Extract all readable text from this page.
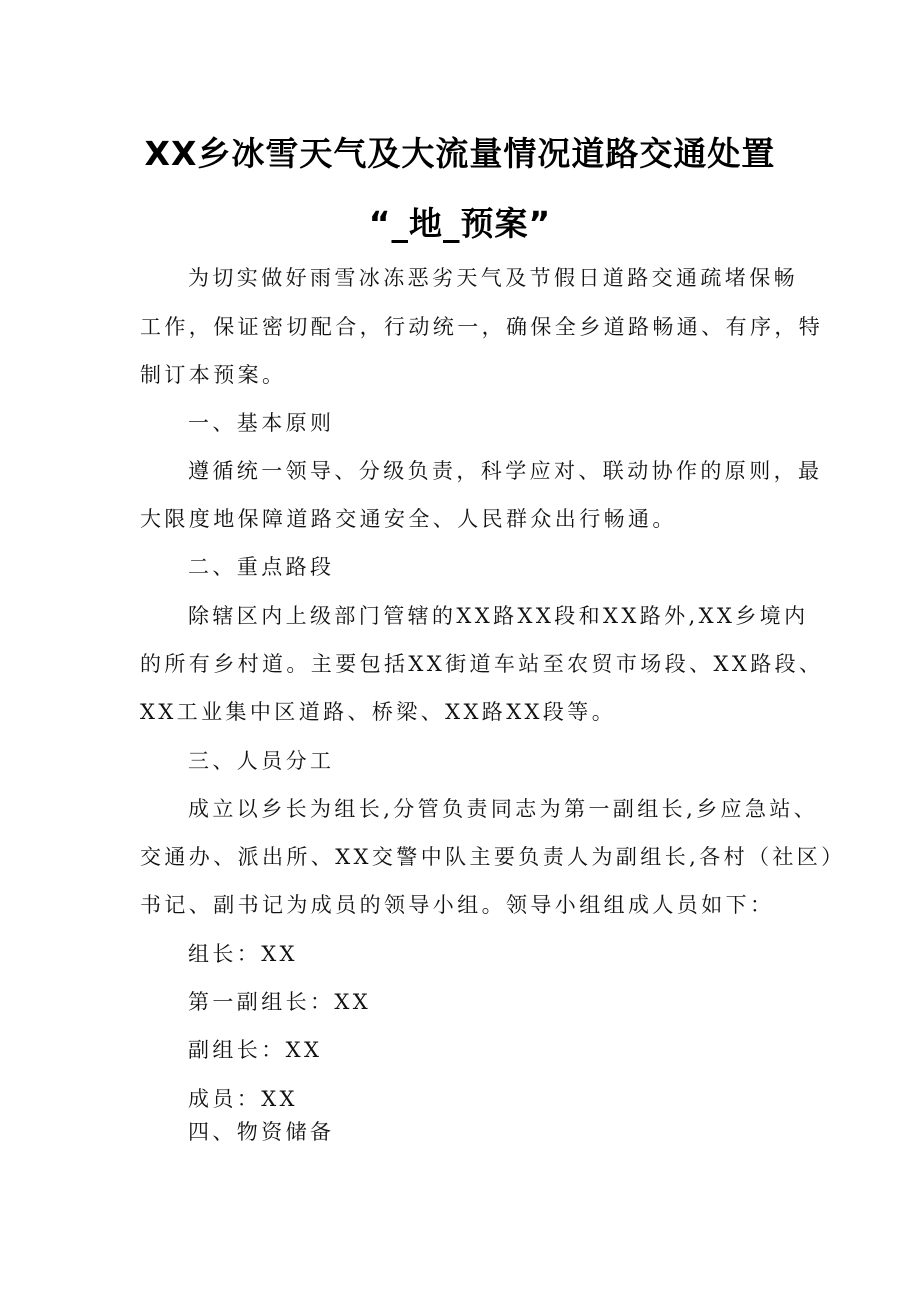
XX乡冰雪天气及大流量情况道路交通处置
“_地_预案”
为切实做好雨雪冰冻恶劣天气及节假日道路交通疏堵保畅
工作，保证密切配合，行动统一，确保全乡道路畅通、有序，特
制订本预案。
一、基本原则
遵循统一领导、分级负责，科学应对、联动协作的原则，最
大限度地保障道路交通安全、人民群众出行畅通。
二、重点路段
除辖区内上级部门管辖的XX路XX段和XX路外,XX乡境内
的所有乡村道。主要包括XX街道车站至农贸市场段、XX路段、
XX工业集中区道路、桥梁、XX路XX段等。
三、人员分工
成立以乡长为组长,分管负责同志为第一副组长,乡应急站、
交通办、派出所、XX交警中队主要负责人为副组长,各村（社区）
书记、副书记为成员的领导小组。领导小组组成人员如下：
组长：XX
第一副组长：XX
副组长：XX
成员：XX
四、物资储备
